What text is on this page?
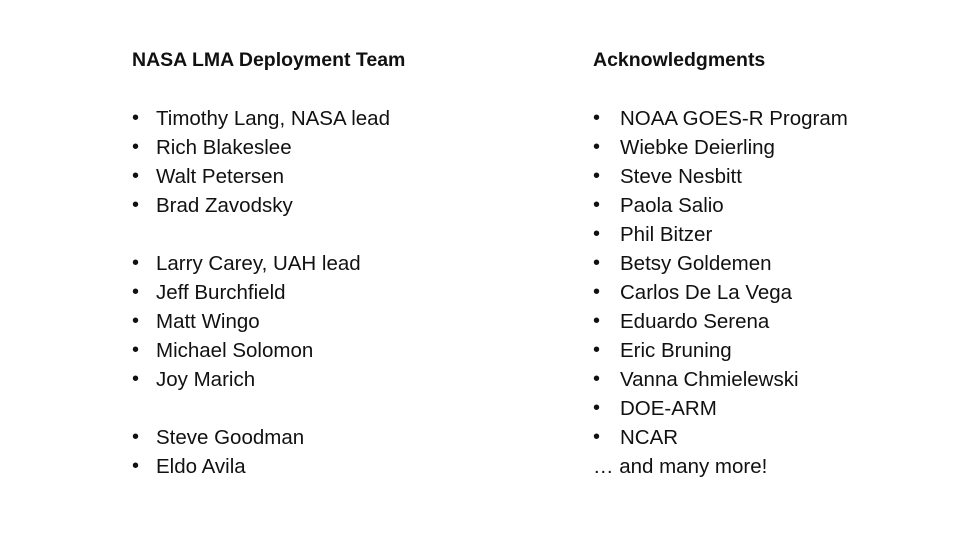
NASA LMA Deployment Team
• Timothy Lang, NASA lead
• Rich Blakeslee
• Walt Petersen
• Brad Zavodsky
• Larry Carey, UAH lead
• Jeff Burchfield
• Matt Wingo
• Michael Solomon
• Joy Marich
• Steve Goodman
• Eldo Avila
Acknowledgments
• NOAA GOES-R Program
• Wiebke Deierling
• Steve Nesbitt
• Paola Salio
• Phil Bitzer
• Betsy Goldemen
• Carlos De La Vega
• Eduardo Serena
• Eric Bruning
• Vanna Chmielewski
• DOE-ARM
• NCAR
… and many more!
